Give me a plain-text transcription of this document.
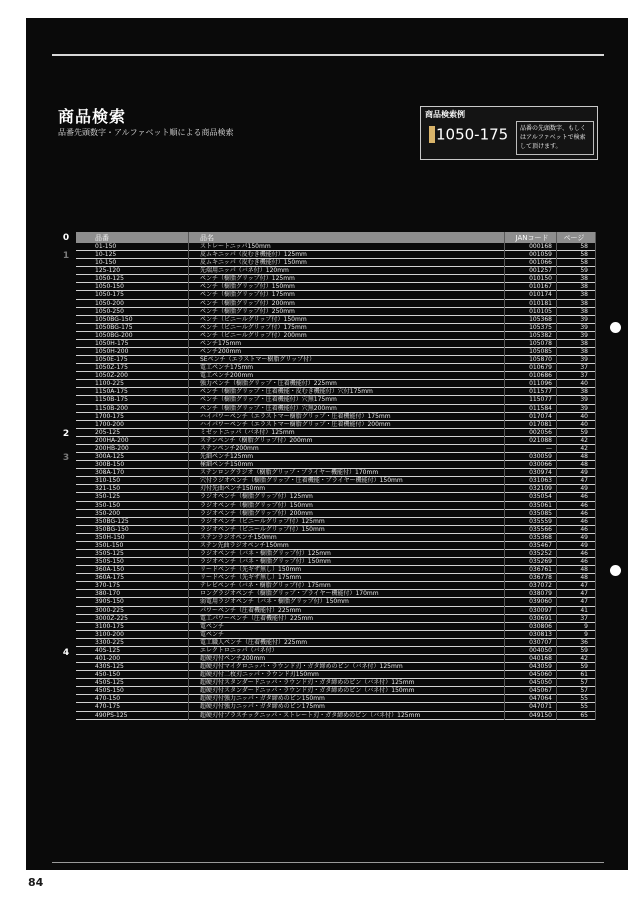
商品検索
品番先頭数字・アルファベット順による商品検索
商品検索例
1050-175	品番の先頭数字、もしくはアルファベットで検索して頂けます。
品番	品名	JANコード	ページ
01-150	ストレートニッパ150mm	000168	58
10-125	皮ムキニッパ（皮むき機能付）125mm	001059	58
10-150	皮ムキニッパ（皮むき機能付）150mm	001066	58
125-120	先端用ニッパ（バネ付）120mm	001257	59
1050-125	ペンチ（樹脂グリップ付）125mm	010150	38
1050-150	ペンチ（樹脂グリップ付）150mm	010167	38
1050-175	ペンチ（樹脂グリップ付）175mm	010174	38
1050-200	ペンチ（樹脂グリップ付）200mm	010181	38
1050-250	ペンチ（樹脂グリップ付）250mm	010105	38
1050BG-150	ペンチ（ビニールグリップ付）150mm	105368	39
1050BG-175	ペンチ（ビニールグリップ付）175mm	105375	39
1050BG-200	ペンチ（ビニールグリップ付）200mm	105382	39
1050H-175	ペンチ175mm	105078	38
1050H-200	ペンチ200mm	105085	38
1050E-175	SEペンチ（エラストマー樹脂グリップ付）	105870	39
1050Z-175	電工ペンチ175mm	010679	37
1050Z-200	電工ペンチ200mm	010686	37
1100-225	強力ペンチ（樹脂グリップ・圧着機能付）225mm	011096	40
1150A-175	ペンチ（樹脂グリップ・圧着機能・皮むき機能付）穴付175mm	011577	38
1150B-175	ペンチ（樹脂グリップ・圧着機能付）穴無175mm	115077	39
1150B-200	ペンチ（樹脂グリップ・圧着機能付）穴無200mm	011584	39
1700-175	ハイパワーペンチ（エラストマー樹脂グリップ・圧着機能付）175mm	017074	40
1700-200	ハイパワーペンチ（エラストマー樹脂グリップ・圧着機能付）200mm	017081	40
205-125	ミゼットニッパ（バネ付）125mm	002056	59
200HA-200	ステンペンチ（樹脂グリップ付）200mm	021088	42
200HB-200	ステンペンチ200mm	—	42
300A-125	先細ペンチ125mm	030059	48
300B-150	極細ペンチ150mm	030066	48
308A-170	ステンロングラジオ（樹脂グリップ・プライヤー機能付）170mm	030974	49
310-150	穴付ラジオペンチ（樹脂グリップ・圧着機能・プライヤー機能付）150mm	031063	47
321-150	刃付先曲ペンチ150mm	032109	49
350-125	ラジオペンチ（樹脂グリップ付）125mm	035054	46
350-150	ラジオペンチ（樹脂グリップ付）150mm	035061	46
350-200	ラジオペンチ（樹脂グリップ付）200mm	035085	46
350BG-125	ラジオペンチ（ビニールグリップ付）125mm	035559	46
350BG-150	ラジオペンチ（ビニールグリップ付）150mm	035566	46
350H-150	ステンラジオペンチ150mm	035368	49
350L-150	ステン先曲ラジオペンチ150mm	035467	49
350S-125	ラジオペンチ（バネ・樹脂グリップ付）125mm	035252	46
350S-150	ラジオペンチ（バネ・樹脂グリップ付）150mm	035269	46
360A-150	リードペンチ（先ギザ無し）150mm	036761	48
360A-175	リードペンチ（先ギザ無し）175mm	036778	48
370-175	テレビペンチ（バネ・樹脂グリップ付）175mm	037072	47
380-170	ロングラジオペンチ（樹脂グリップ・プライヤー機能付）170mm	038079	47
390S-150	弱電用ラジオペンチ（バネ・樹脂グリップ付）150mm	039060	47
3000-225	パワーペンチ（圧着機能付）225mm	030097	41
3000Z-225	電工パワーペンチ（圧着機能付）225mm	030691	37
3100-175	電ペンチ	030806	9
3100-200	電ペンチ	030813	9
3300-225	電工職人ペンチ（圧着機能付）225mm	030707	36
40S-125	エレクトロニッパ（バネ付）	004050	59
401-200	超硬刃付ペンチ200mm	040168	42
430S-125	超硬刃付マイクロニッパ・ラウンド刃・ガタ締めのピン（バネ付）125mm	043059	59
450-150	超硬刃付二枚刃ニッパ・ラウンド刃150mm	045060	61
450S-125	超硬刃付スタンダードニッパ・ラウンド刃・ガタ締めのピン（バネ付）125mm	045050	57
450S-150	超硬刃付スタンダードニッパ・ラウンド刃・ガタ締めのピン（バネ付）150mm	045067	57
470-150	超硬刃付強力ニッパ・ガタ締めのピン150mm	047064	55
470-175	超硬刃付強力ニッパ・ガタ締めのピン175mm	047071	55
490PS-125	超硬刃付プラスチックニッパ・ストレート刃・ガタ締めのピン（バネ付）125mm	049150	65
0
1
2
3
4
84
